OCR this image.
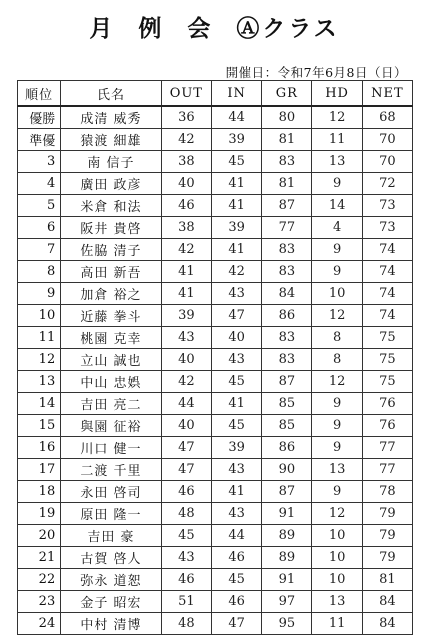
月 例 会 Ⓐクラス
開催日：令和7年6月8日（日）
順位	氏名	OUT	IN	GR	HD	NET
優勝	成清 威秀	36	44	80	12	68
準優	猿渡 細雄	42	39	81	11	70
3	南 信子	38	45	83	13	70
4	廣田 政彦	40	41	81	9	72
5	米倉 和法	46	41	87	14	73
6	阪井 貴啓	38	39	77	4	73
7	佐脇 清子	42	41	83	9	74
8	高田 新吾	41	42	83	9	74
9	加倉 裕之	41	43	84	10	74
10	近藤 拳斗	39	47	86	12	74
11	桃園 克幸	43	40	83	8	75
12	立山 誠也	40	43	83	8	75
13	中山 忠娯	42	45	87	12	75
14	吉田 亮二	44	41	85	9	76
15	與園 征裕	40	45	85	9	76
16	川口 健一	47	39	86	9	77
17	二渡 千里	47	43	90	13	77
18	永田 啓司	46	41	87	9	78
19	原田 隆一	48	43	91	12	79
20	吉田 豪	45	44	89	10	79
21	古賀 啓人	43	46	89	10	79
22	弥永 道恕	46	45	91	10	81
23	金子 昭宏	51	46	97	13	84
24	中村 清博	48	47	95	11	84
